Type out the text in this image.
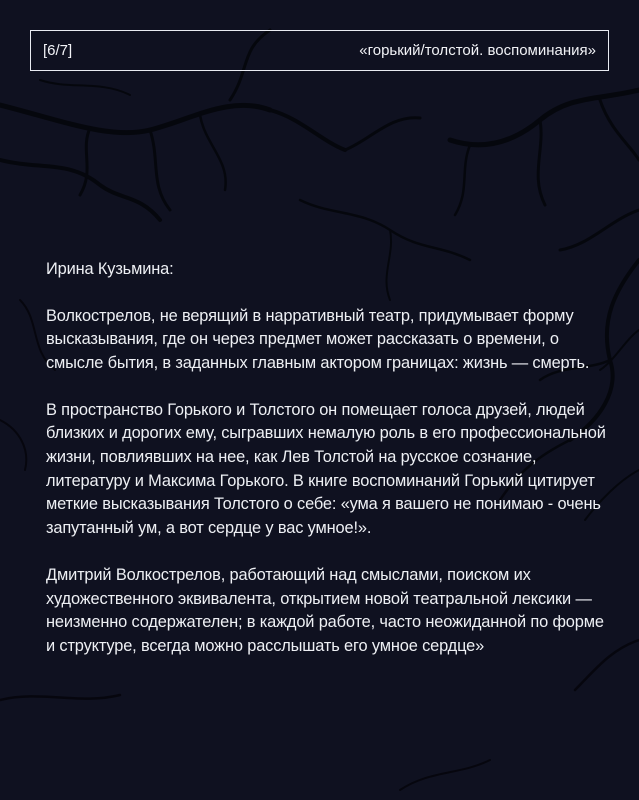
[6/7]	«горький/толстой. воспоминания»

Ирина Кузьмина:

Волкострелов, не верящий в нарративный театр, придумывает форму высказывания, где он через предмет может рассказать о времени, о смысле бытия, в заданных главным актором границах: жизнь — смерть.

В пространство Горького и Толстого он помещает голоса друзей, людей близких и дорогих ему, сыгравших немалую роль в его профессиональной жизни, повлиявших на нее, как Лев Толстой на русское сознание, литературу и Максима Горького. В книге воспоминаний Горький цитирует меткие высказывания Толстого о себе: «ума я вашего не понимаю - очень запутанный ум, а вот сердце у вас умное!».

Дмитрий Волкострелов, работающий над смыслами, поиском их художественного эквивалента, открытием новой театральной лексики — неизменно содержателен; в каждой работе, часто неожиданной по форме и структуре, всегда можно расслышать его умное сердце»
